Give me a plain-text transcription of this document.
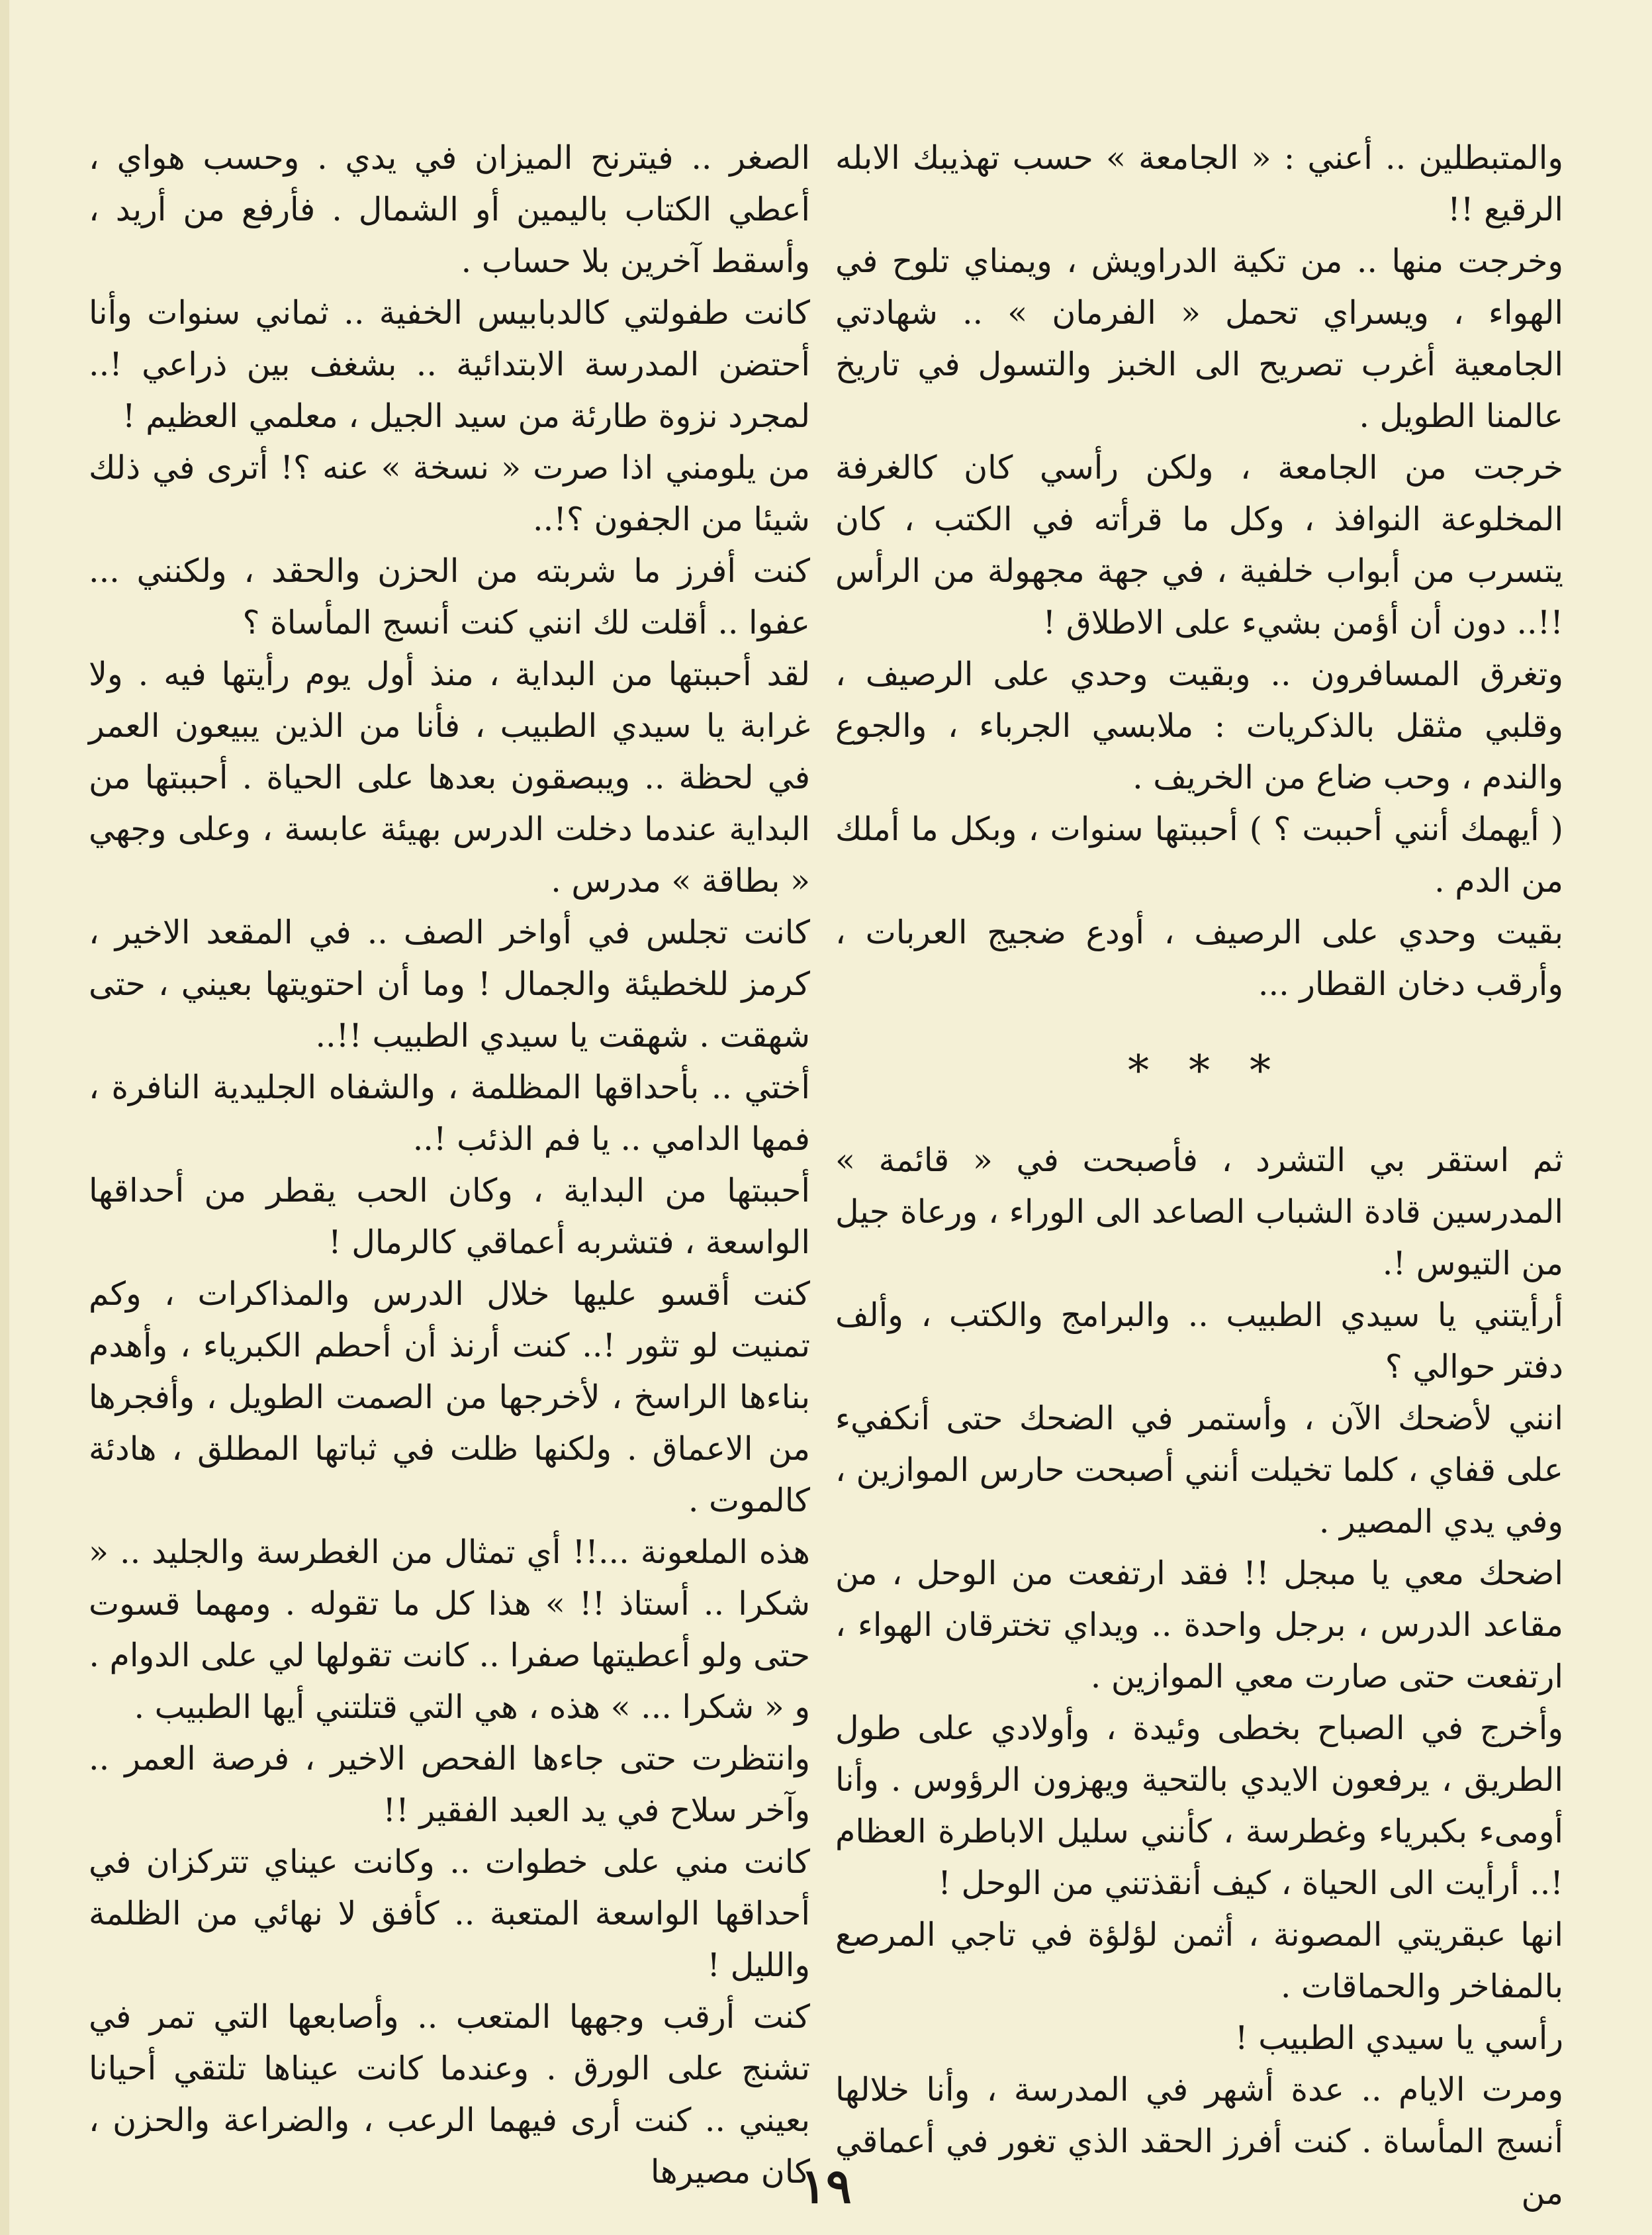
والمتبطلين .. أعني : « الجامعة » حسب تهذيبك الابله الرقيع !!

وخرجت منها .. من تكية الدراويش ، ويمناي تلوح في الهواء ، ويسراي تحمل « الفرمان » .. شهادتي الجامعية أغرب تصريح الى الخبز والتسول في تاريخ عالمنا الطويل .

خرجت من الجامعة ، ولكن رأسي كان كالغرفة المخلوعة النوافذ ، وكل ما قرأته في الكتب ، كان يتسرب من أبواب خلفية ، في جهة مجهولة من الرأس !!.. دون أن أؤمن بشيء على الاطلاق !

وتغرق المسافرون .. وبقيت وحدي على الرصيف ، وقلبي مثقل بالذكريات : ملابسي الجرباء ، والجوع والندم ، وحب ضاع من الخريف .

( أيهمك أنني أحببت ؟ ) أحببتها سنوات ، وبكل ما أملك من الدم .

بقيت وحدي على الرصيف ، أودع ضجيج العربات ، وأرقب دخان القطار ...

***

ثم استقر بي التشرد ، فأصبحت في « قائمة » المدرسين قادة الشباب الصاعد الى الوراء ، ورعاة جيل من التيوس !.

أرأيتني يا سيدي الطبيب .. والبرامج والكتب ، وألف دفتر حوالي ؟

انني لأضحك الآن ، وأستمر في الضحك حتى أنكفيء على قفاي ، كلما تخيلت أنني أصبحت حارس الموازين ، وفي يدي المصير .

اضحك معي يا مبجل !! فقد ارتفعت من الوحل ، من مقاعد الدرس ، برجل واحدة .. ويداي تخترقان الهواء ، ارتفعت حتى صارت معي الموازين .

وأخرج في الصباح بخطى وئيدة ، وأولادي على طول الطريق ، يرفعون الايدي بالتحية ويهزون الرؤوس . وأنا أومىء بكبرياء وغطرسة ، كأنني سليل الاباطرة العظام !.. أرأيت الى الحياة ، كيف أنقذتني من الوحل !

انها عبقريتي المصونة ، أثمن لؤلؤة في تاجي المرصع بالمفاخر والحماقات .

رأسي يا سيدي الطبيب !

ومرت الايام .. عدة أشهر في المدرسة ، وأنا خلالها أنسج المأساة . كنت أفرز الحقد الذي تغور في أعماقي من

الصغر .. فيترنح الميزان في يدي . وحسب هواي ، أعطي الكتاب باليمين أو الشمال . فأرفع من أريد ، وأسقط آخرين بلا حساب .

كانت طفولتي كالدبابيس الخفية .. ثماني سنوات وأنا أحتضن المدرسة الابتدائية .. بشغف بين ذراعي !.. لمجرد نزوة طارئة من سيد الجيل ، معلمي العظيم !

من يلومني اذا صرت « نسخة » عنه ؟! أترى في ذلك شيئا من الجفون ؟!..

كنت أفرز ما شربته من الحزن والحقد ، ولكنني ... عفوا .. أقلت لك انني كنت أنسج المأساة ؟

لقد أحببتها من البداية ، منذ أول يوم رأيتها فيه . ولا غرابة يا سيدي الطبيب ، فأنا من الذين يبيعون العمر في لحظة .. ويبصقون بعدها على الحياة . أحببتها من البداية عندما دخلت الدرس بهيئة عابسة ، وعلى وجهي « بطاقة » مدرس .

كانت تجلس في أواخر الصف .. في المقعد الاخير ، كرمز للخطيئة والجمال ! وما أن احتويتها بعيني ، حتى شهقت . شهقت يا سيدي الطبيب !!..

أختي .. بأحداقها المظلمة ، والشفاه الجليدية النافرة ، فمها الدامي .. يا فم الذئب !..

أحببتها من البداية ، وكان الحب يقطر من أحداقها الواسعة ، فتشربه أعماقي كالرمال !

كنت أقسو عليها خلال الدرس والمذاكرات ، وكم تمنيت لو تثور !.. كنت أرنذ أن أحطم الكبرياء ، وأهدم بناءها الراسخ ، لأخرجها من الصمت الطويل ، وأفجرها من الاعماق . ولكنها ظلت في ثباتها المطلق ، هادئة كالموت .

هذه الملعونة ...!! أي تمثال من الغطرسة والجليد .. « شكرا .. أستاذ !! » هذا كل ما تقوله . ومهما قسوت حتى ولو أعطيتها صفرا .. كانت تقولها لي على الدوام .

و « شكرا ... » هذه ، هي التي قتلتني أيها الطبيب .

وانتظرت حتى جاءها الفحص الاخير ، فرصة العمر .. وآخر سلاح في يد العبد الفقير !!

كانت مني على خطوات .. وكانت عيناي تتركزان في أحداقها الواسعة المتعبة .. كأفق لا نهائي من الظلمة والليل !

كنت أرقب وجهها المتعب .. وأصابعها التي تمر في تشنج على الورق . وعندما كانت عيناها تلتقي أحيانا بعيني .. كنت أرى فيهما الرعب ، والضراعة والحزن ، كان مصيرها

١٩
